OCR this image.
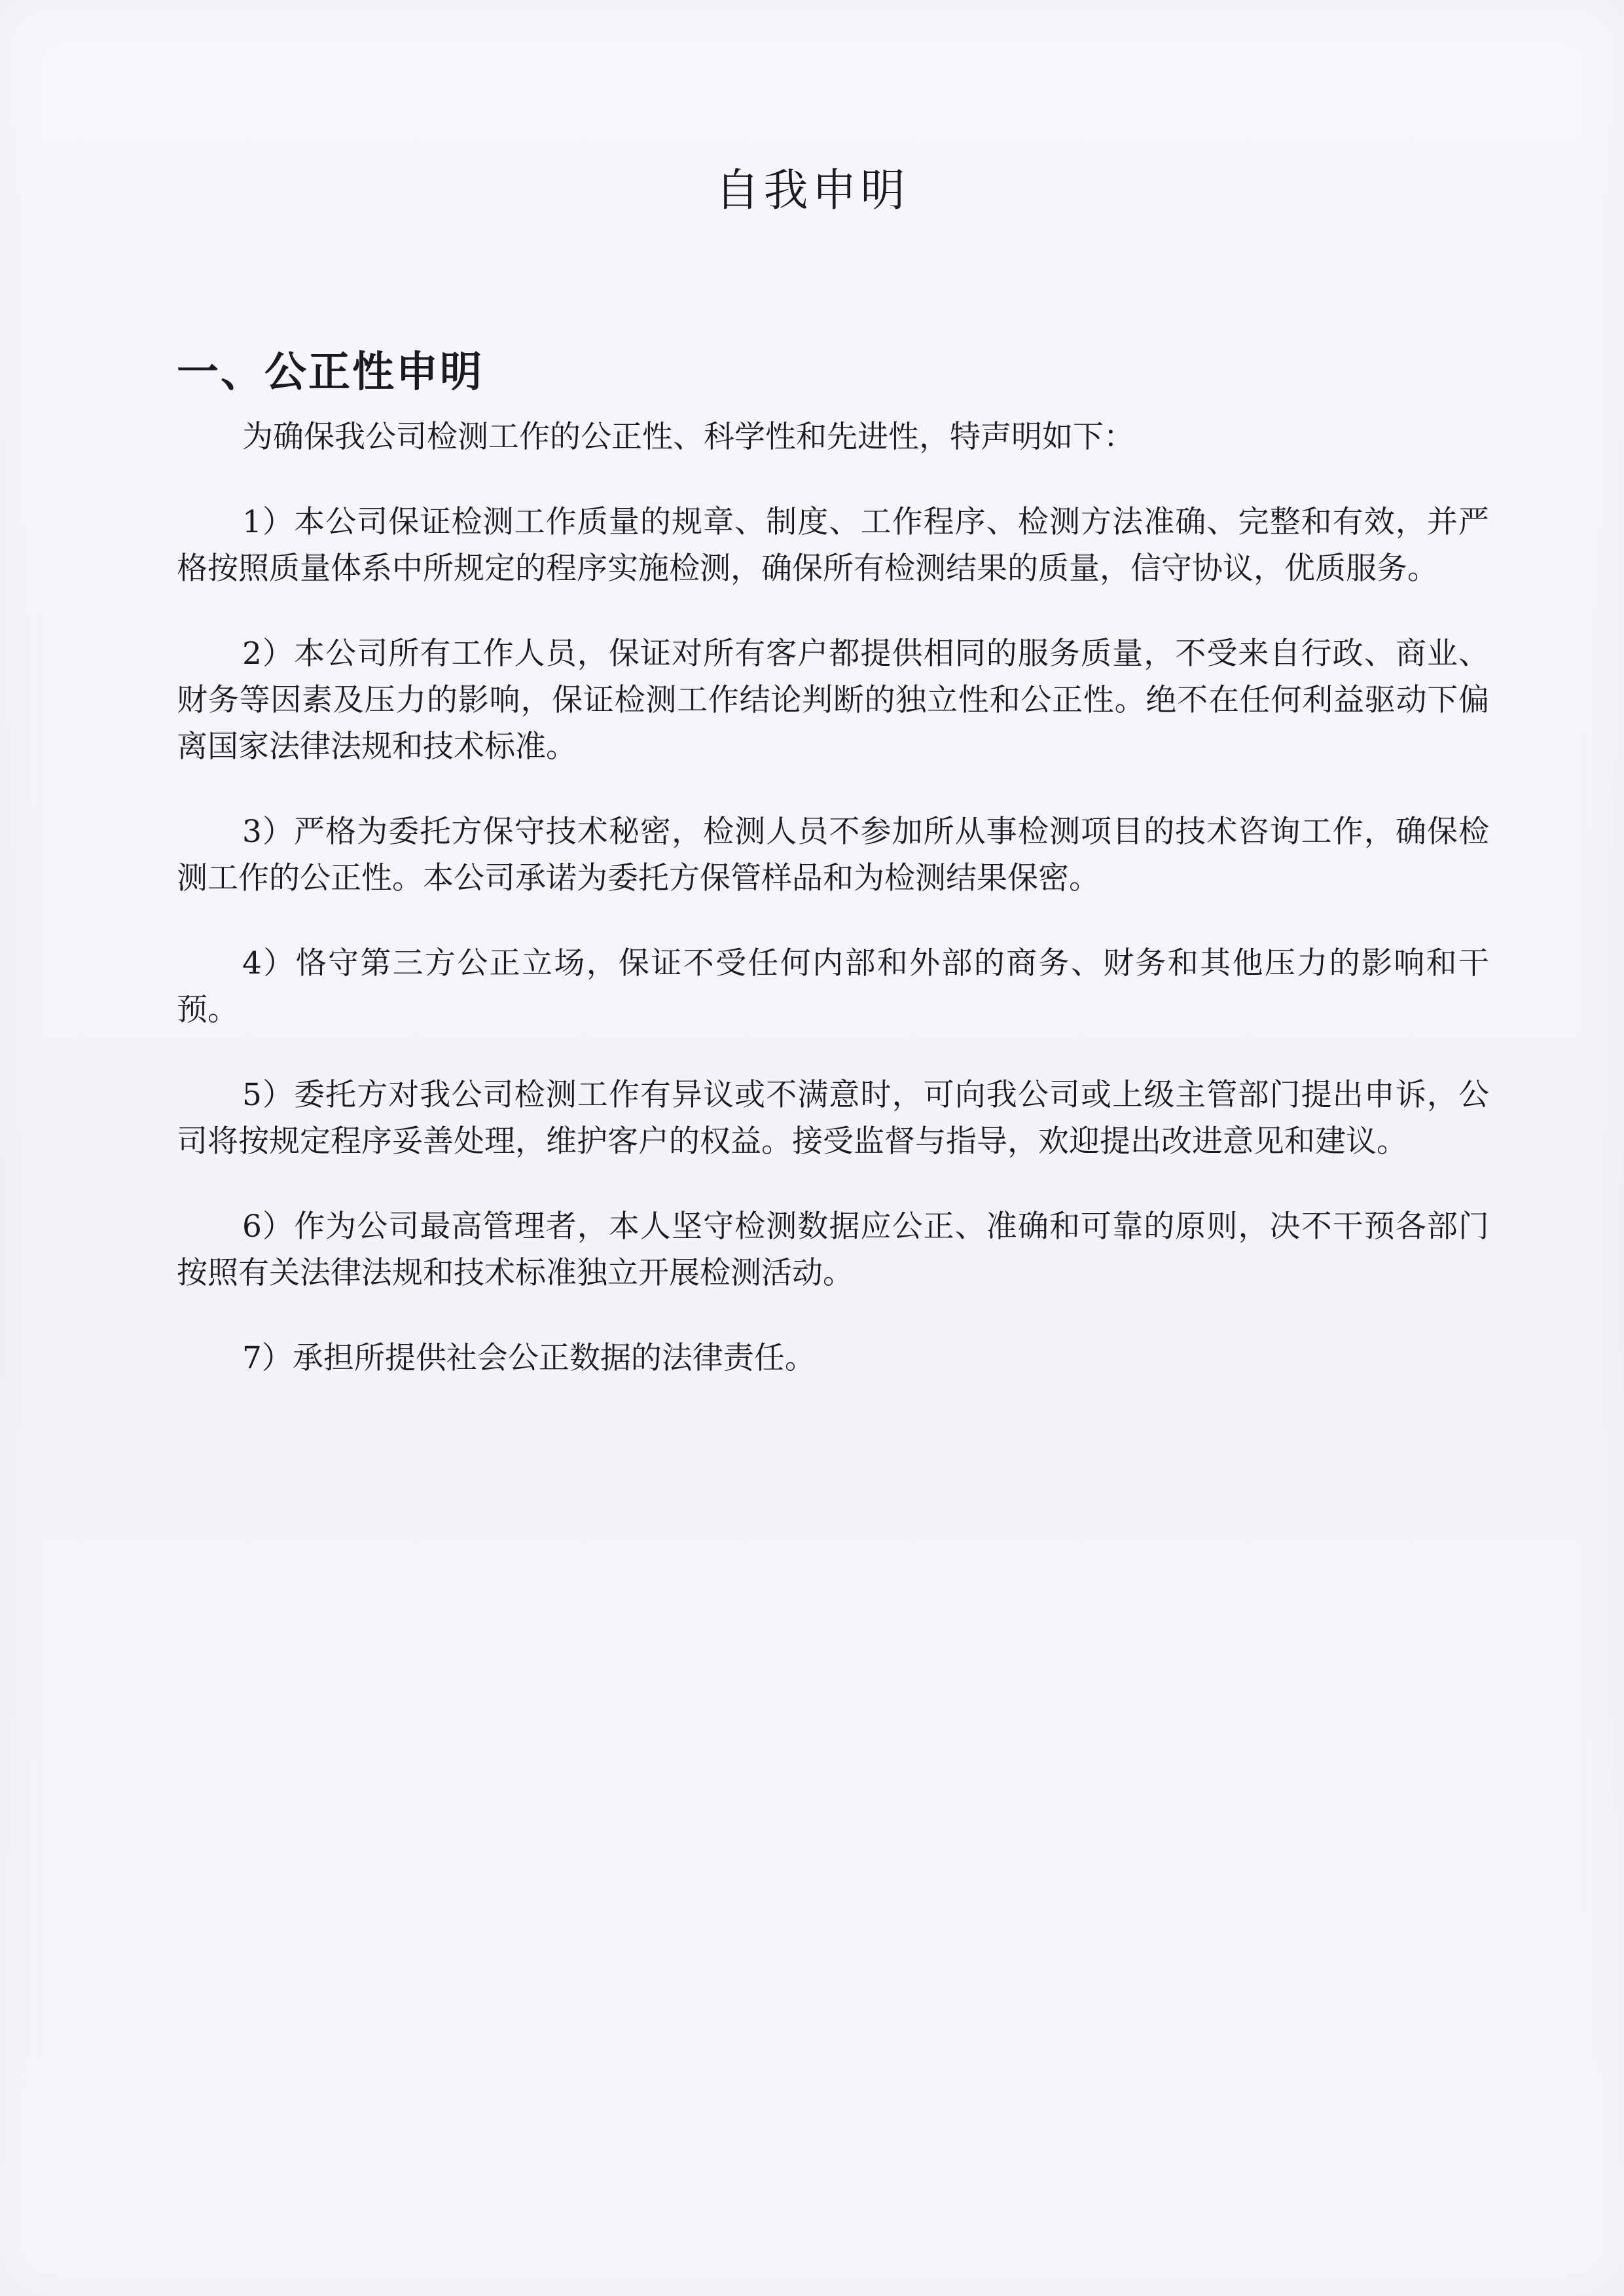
自我申明
一、公正性申明

为确保我公司检测工作的公正性、科学性和先进性，特声明如下：

1）本公司保证检测工作质量的规章、制度、工作程序、检测方法准确、完整和有效，并严格按照质量体系中所规定的程序实施检测，确保所有检测结果的质量，信守协议，优质服务。

2）本公司所有工作人员，保证对所有客户都提供相同的服务质量，不受来自行政、商业、财务等因素及压力的影响，保证检测工作结论判断的独立性和公正性。绝不在任何利益驱动下偏离国家法律法规和技术标准。

3）严格为委托方保守技术秘密，检测人员不参加所从事检测项目的技术咨询工作，确保检测工作的公正性。本公司承诺为委托方保管样品和为检测结果保密。

4）恪守第三方公正立场，保证不受任何内部和外部的商务、财务和其他压力的影响和干预。

5）委托方对我公司检测工作有异议或不满意时，可向我公司或上级主管部门提出申诉，公司将按规定程序妥善处理，维护客户的权益。接受监督与指导，欢迎提出改进意见和建议。

6）作为公司最高管理者，本人坚守检测数据应公正、准确和可靠的原则，决不干预各部门按照有关法律法规和技术标准独立开展检测活动。

7）承担所提供社会公正数据的法律责任。
